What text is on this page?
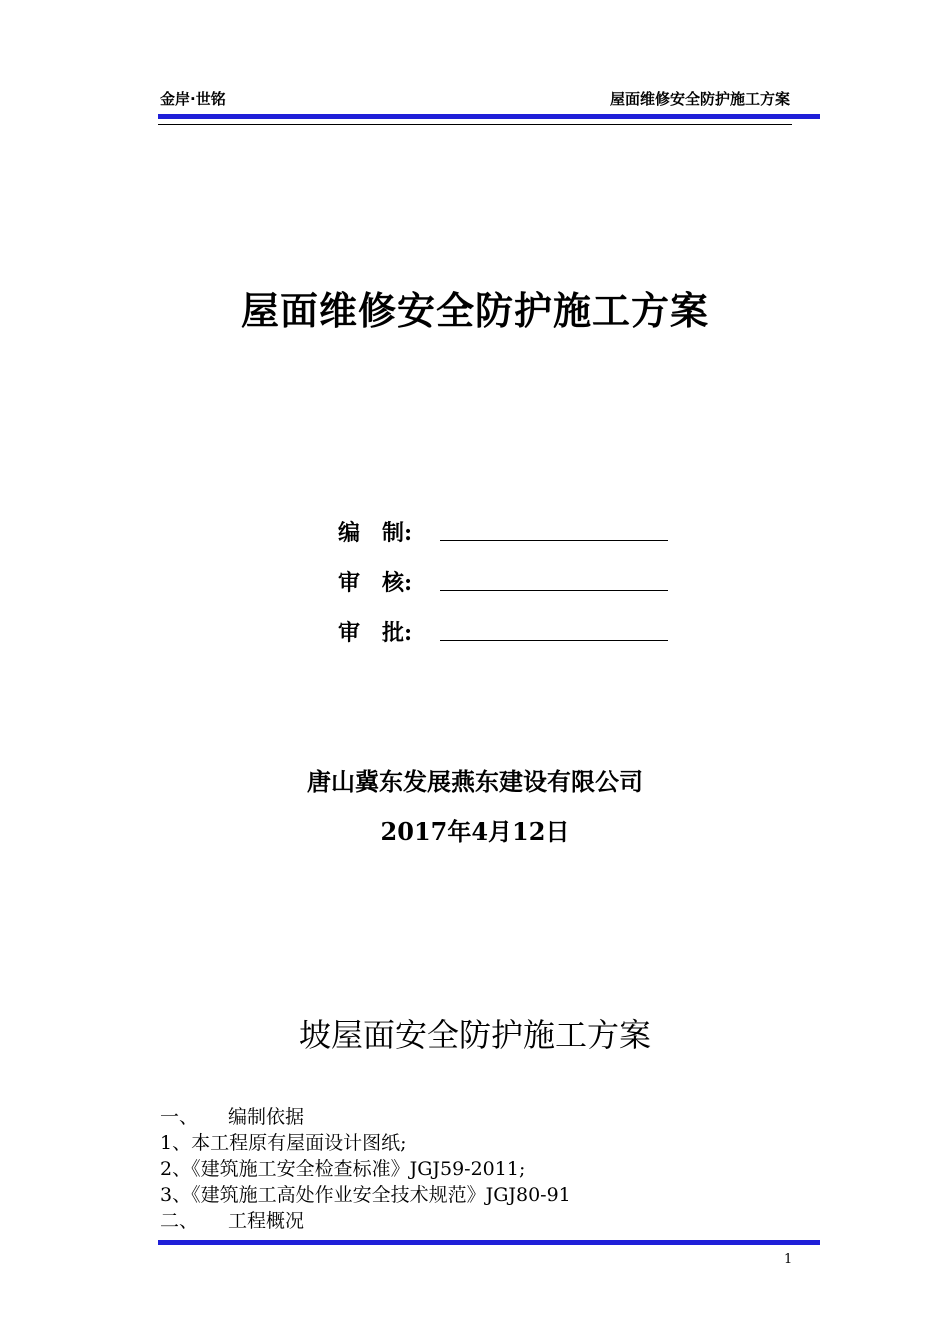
金岸·世铭	屋面维修安全防护施工方案
屋面维修安全防护施工方案
编　制:
审　核:
审　批:
唐山冀东发展燕东建设有限公司
2017年4月12日
坡屋面安全防护施工方案
一、 编制依据
1、本工程原有屋面设计图纸;
2、《建筑施工安全检查标准》JGJ59-2011;
3、《建筑施工高处作业安全技术规范》JGJ80-91
二、 工程概况
1
